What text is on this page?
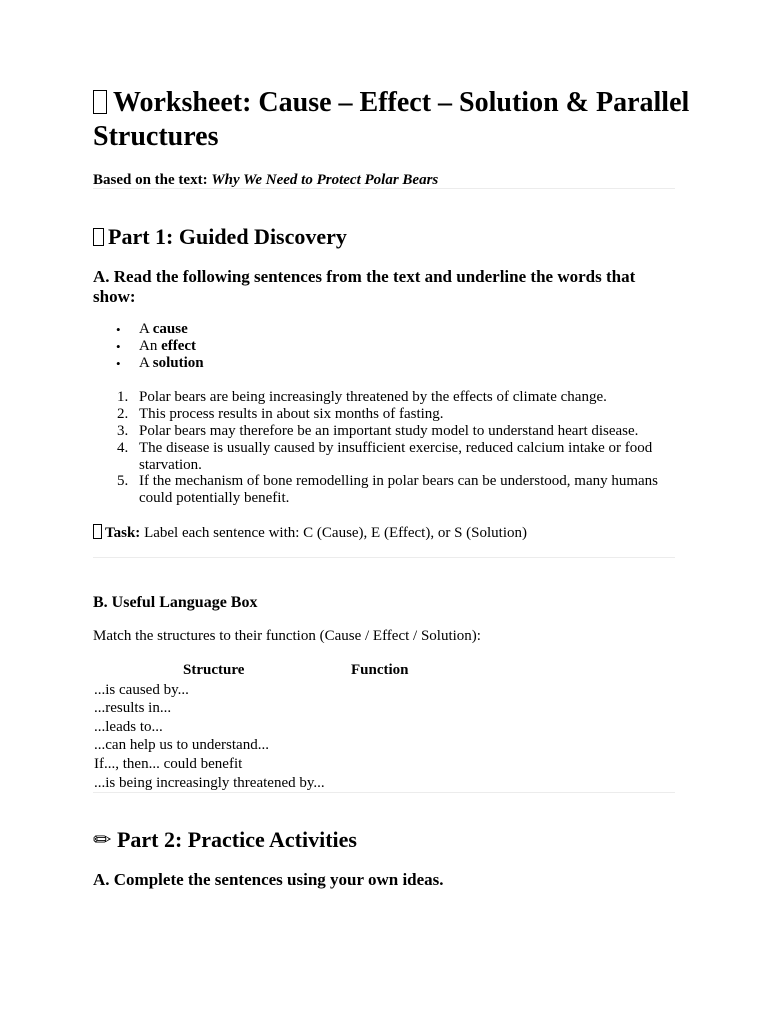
Worksheet: Cause – Effect – Solution & Parallel Structures
Based on the text: Why We Need to Protect Polar Bears
Part 1: Guided Discovery
A. Read the following sentences from the text and underline the words that show:
• A cause
• An effect
• A solution
1. Polar bears are being increasingly threatened by the effects of climate change.
2. This process results in about six months of fasting.
3. Polar bears may therefore be an important study model to understand heart disease.
4. The disease is usually caused by insufficient exercise, reduced calcium intake or food starvation.
5. If the mechanism of bone remodelling in polar bears can be understood, many humans could potentially benefit.
Task: Label each sentence with: C (Cause), E (Effect), or S (Solution)
B. Useful Language Box
Match the structures to their function (Cause / Effect / Solution):
Structure	Function
...is caused by...
...results in...
...leads to...
...can help us to understand...
If..., then... could benefit
...is being increasingly threatened by...
✏ Part 2: Practice Activities
A. Complete the sentences using your own ideas.
